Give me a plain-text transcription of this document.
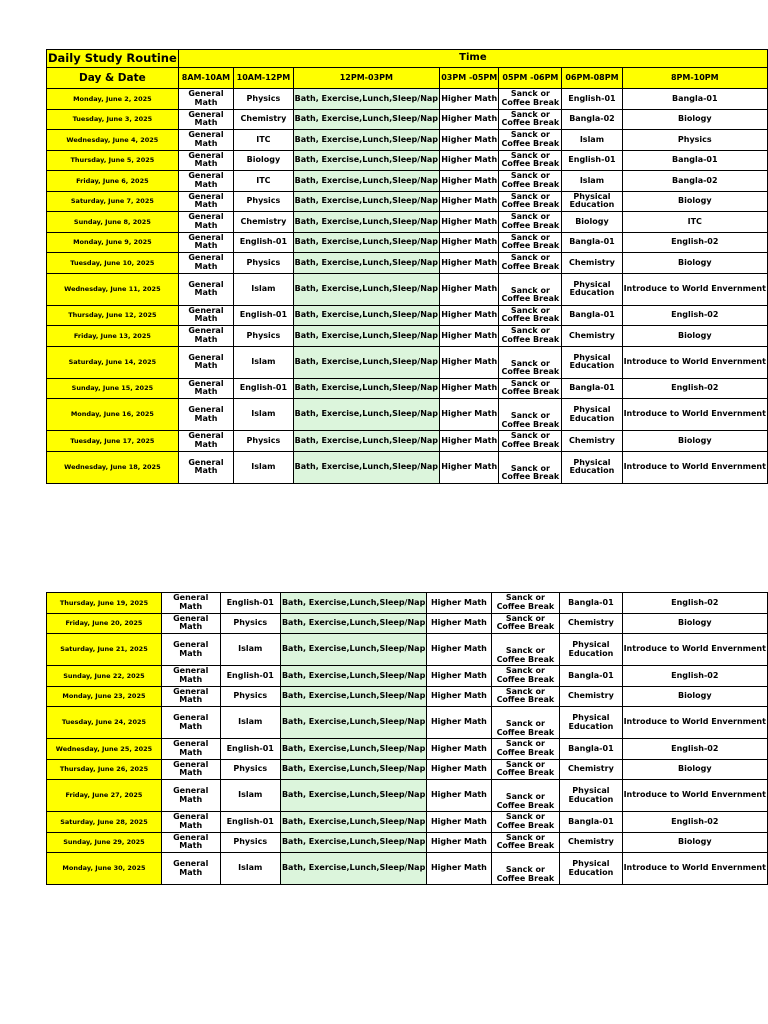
Daily Study Routine	Time						
Day & Date	8AM-10AM	10AM-12PM	12PM-03PM	03PM -05PM	05PM -06PM	06PM-08PM	8PM-10PM
Monday, June 2, 2025	General Math	Physics	Bath, Exercise,Lunch,Sleep/Nap	Higher Math	Sanck or Coffee Break	English-01	Bangla-01
Tuesday, June 3, 2025	General Math	Chemistry	Bath, Exercise,Lunch,Sleep/Nap	Higher Math	Sanck or Coffee Break	Bangla-02	Biology
Wednesday, June 4, 2025	General Math	ITC	Bath, Exercise,Lunch,Sleep/Nap	Higher Math	Sanck or Coffee Break	Islam	Physics
Thursday, June 5, 2025	General Math	Biology	Bath, Exercise,Lunch,Sleep/Nap	Higher Math	Sanck or Coffee Break	English-01	Bangla-01
Friday, June 6, 2025	General Math	ITC	Bath, Exercise,Lunch,Sleep/Nap	Higher Math	Sanck or Coffee Break	Islam	Bangla-02
Saturday, June 7, 2025	General Math	Physics	Bath, Exercise,Lunch,Sleep/Nap	Higher Math	Sanck or Coffee Break	Physical Education	Biology
Sunday, June 8, 2025	General Math	Chemistry	Bath, Exercise,Lunch,Sleep/Nap	Higher Math	Sanck or Coffee Break	Biology	ITC
Monday, June 9, 2025	General Math	English-01	Bath, Exercise,Lunch,Sleep/Nap	Higher Math	Sanck or Coffee Break	Bangla-01	English-02
Tuesday, June 10, 2025	General Math	Physics	Bath, Exercise,Lunch,Sleep/Nap	Higher Math	Sanck or Coffee Break	Chemistry	Biology
Wednesday, June 11, 2025	General Math	Islam	Bath, Exercise,Lunch,Sleep/Nap	Higher Math	Sanck or Coffee Break	Physical Education	Introduce to World Envernment
Thursday, June 12, 2025	General Math	English-01	Bath, Exercise,Lunch,Sleep/Nap	Higher Math	Sanck or Coffee Break	Bangla-01	English-02
Friday, June 13, 2025	General Math	Physics	Bath, Exercise,Lunch,Sleep/Nap	Higher Math	Sanck or Coffee Break	Chemistry	Biology
Saturday, June 14, 2025	General Math	Islam	Bath, Exercise,Lunch,Sleep/Nap	Higher Math	Sanck or Coffee Break	Physical Education	Introduce to World Envernment
Sunday, June 15, 2025	General Math	English-01	Bath, Exercise,Lunch,Sleep/Nap	Higher Math	Sanck or Coffee Break	Bangla-01	English-02
Monday, June 16, 2025	General Math	Islam	Bath, Exercise,Lunch,Sleep/Nap	Higher Math	Sanck or Coffee Break	Physical Education	Introduce to World Envernment
Tuesday, June 17, 2025	General Math	Physics	Bath, Exercise,Lunch,Sleep/Nap	Higher Math	Sanck or Coffee Break	Chemistry	Biology
Wednesday, June 18, 2025	General Math	Islam	Bath, Exercise,Lunch,Sleep/Nap	Higher Math	Sanck or Coffee Break	Physical Education	Introduce to World Envernment
Thursday, June 19, 2025	General Math	English-01	Bath, Exercise,Lunch,Sleep/Nap	Higher Math	Sanck or Coffee Break	Bangla-01	English-02
Friday, June 20, 2025	General Math	Physics	Bath, Exercise,Lunch,Sleep/Nap	Higher Math	Sanck or Coffee Break	Chemistry	Biology
Saturday, June 21, 2025	General Math	Islam	Bath, Exercise,Lunch,Sleep/Nap	Higher Math	Sanck or Coffee Break	Physical Education	Introduce to World Envernment
Sunday, June 22, 2025	General Math	English-01	Bath, Exercise,Lunch,Sleep/Nap	Higher Math	Sanck or Coffee Break	Bangla-01	English-02
Monday, June 23, 2025	General Math	Physics	Bath, Exercise,Lunch,Sleep/Nap	Higher Math	Sanck or Coffee Break	Chemistry	Biology
Tuesday, June 24, 2025	General Math	Islam	Bath, Exercise,Lunch,Sleep/Nap	Higher Math	Sanck or Coffee Break	Physical Education	Introduce to World Envernment
Wednesday, June 25, 2025	General Math	English-01	Bath, Exercise,Lunch,Sleep/Nap	Higher Math	Sanck or Coffee Break	Bangla-01	English-02
Thursday, June 26, 2025	General Math	Physics	Bath, Exercise,Lunch,Sleep/Nap	Higher Math	Sanck or Coffee Break	Chemistry	Biology
Friday, June 27, 2025	General Math	Islam	Bath, Exercise,Lunch,Sleep/Nap	Higher Math	Sanck or Coffee Break	Physical Education	Introduce to World Envernment
Saturday, June 28, 2025	General Math	English-01	Bath, Exercise,Lunch,Sleep/Nap	Higher Math	Sanck or Coffee Break	Bangla-01	English-02
Sunday, June 29, 2025	General Math	Physics	Bath, Exercise,Lunch,Sleep/Nap	Higher Math	Sanck or Coffee Break	Chemistry	Biology
Monday, June 30, 2025	General Math	Islam	Bath, Exercise,Lunch,Sleep/Nap	Higher Math	Sanck or Coffee Break	Physical Education	Introduce to World Envernment
